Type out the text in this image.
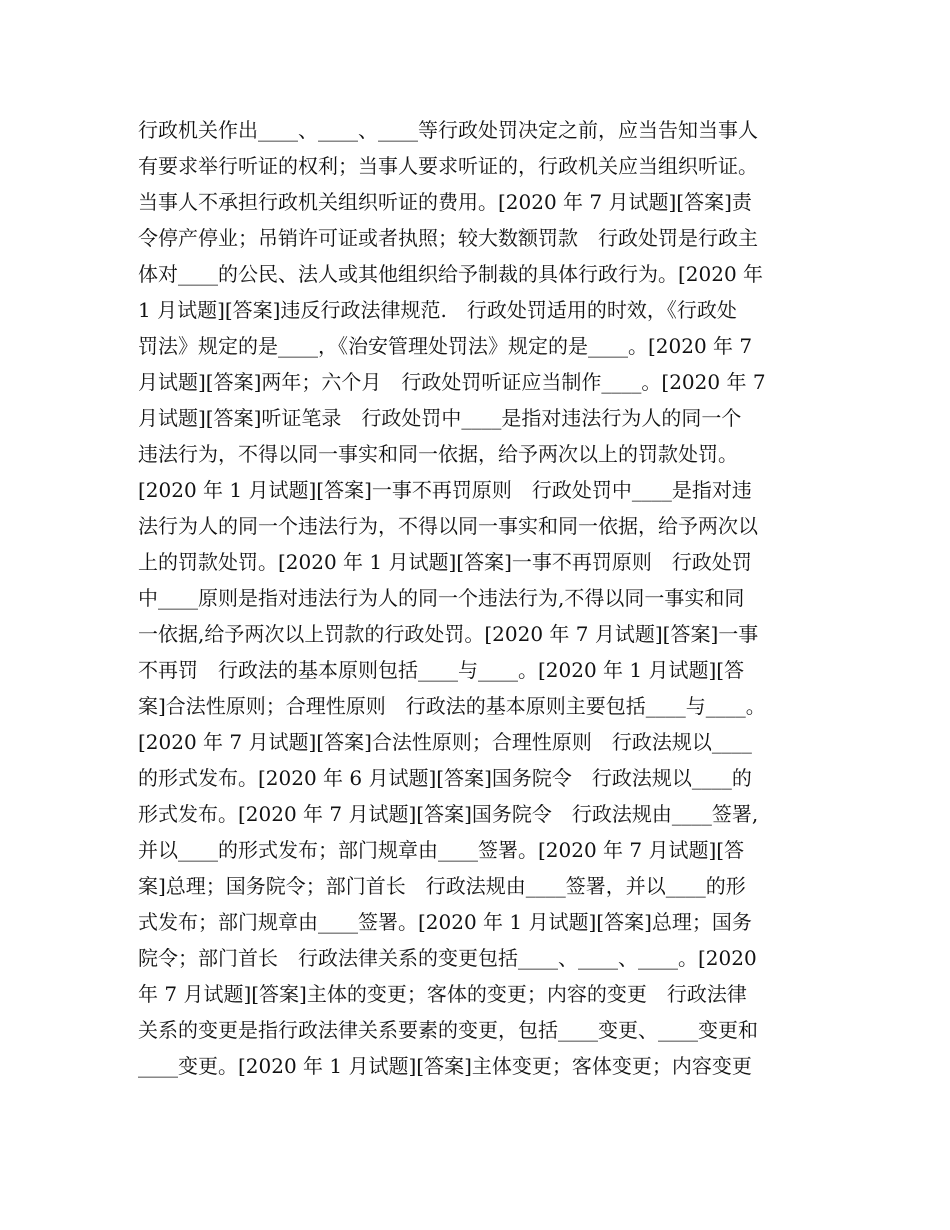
行政机关作出____、____、____等行政处罚决定之前，应当告知当事人
有要求举行听证的权利；当事人要求听证的，行政机关应当组织听证。
当事人不承担行政机关组织听证的费用。[2020 年 7 月试题][答案]责
令停产停业；吊销许可证或者执照；较大数额罚款　行政处罚是行政主
体对____的公民、法人或其他组织给予制裁的具体行政行为。[2020 年
1 月试题][答案]违反行政法律规范.　行政处罚适用的时效，《行政处
罚法》规定的是____，《治安管理处罚法》规定的是____。[2020 年 7
月试题][答案]两年；六个月　行政处罚听证应当制作____。[2020 年 7
月试题][答案]听证笔录　行政处罚中____是指对违法行为人的同一个
违法行为，不得以同一事实和同一依据，给予两次以上的罚款处罚。
[2020 年 1 月试题][答案]一事不再罚原则　行政处罚中____是指对违
法行为人的同一个违法行为，不得以同一事实和同一依据，给予两次以
上的罚款处罚。[2020 年 1 月试题][答案]一事不再罚原则　行政处罚
中____原则是指对违法行为人的同一个违法行为,不得以同一事实和同
一依据,给予两次以上罚款的行政处罚。[2020 年 7 月试题][答案]一事
不再罚　行政法的基本原则包括____与____。[2020 年 1 月试题][答
案]合法性原则；合理性原则　行政法的基本原则主要包括____与____。
[2020 年 7 月试题][答案]合法性原则；合理性原则　行政法规以____
的形式发布。[2020 年 6 月试题][答案]国务院令　行政法规以____的
形式发布。[2020 年 7 月试题][答案]国务院令　行政法规由____签署,
并以____的形式发布；部门规章由____签署。[2020 年 7 月试题][答
案]总理；国务院令；部门首长　行政法规由____签署，并以____的形
式发布；部门规章由____签署。[2020 年 1 月试题][答案]总理；国务
院令；部门首长　行政法律关系的变更包括____、____、____。[2020
年 7 月试题][答案]主体的变更；客体的变更；内容的变更　行政法律
关系的变更是指行政法律关系要素的变更，包括____变更、____变更和
____变更。[2020 年 1 月试题][答案]主体变更；客体变更；内容变更
